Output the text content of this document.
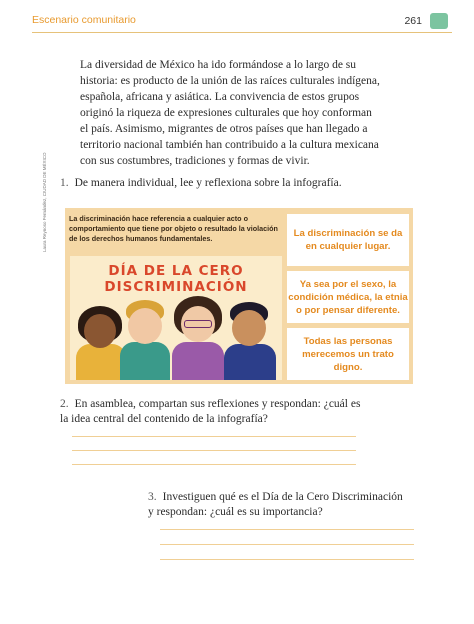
Escenario comunitario	261

La diversidad de México ha ido formándose a lo largo de su historia: es producto de la unión de las raíces culturales indígena, española, africana y asiática. La convivencia de estos grupos originó la riqueza de expresiones culturales que hoy conforman el país. Asimismo, migrantes de otros países que han llegado a territorio nacional también han contribuido a la cultura mexicana con sus costumbres, tradiciones y formas de vivir.

1. De manera individual, lee y reflexiona sobre la infografía.
La discriminación hace referencia a cualquier acto o comportamiento que tiene por objeto o resultado la violación de los derechos humanos fundamentales.
DÍA DE LA CERO
DISCRIMINACIÓN
La discriminación se da en cualquier lugar.
Ya sea por el sexo, la condición médica, la etnia o por pensar diferente.
Todas las personas merecemos un trato digno.
Laura Reynoso Fernández, CIUDAD DE MÉXICO
2. En asamblea, compartan sus reflexiones y respondan: ¿cuál es la idea central del contenido de la infografía?
3. Investiguen qué es el Día de la Cero Discriminación y respondan: ¿cuál es su importancia?
